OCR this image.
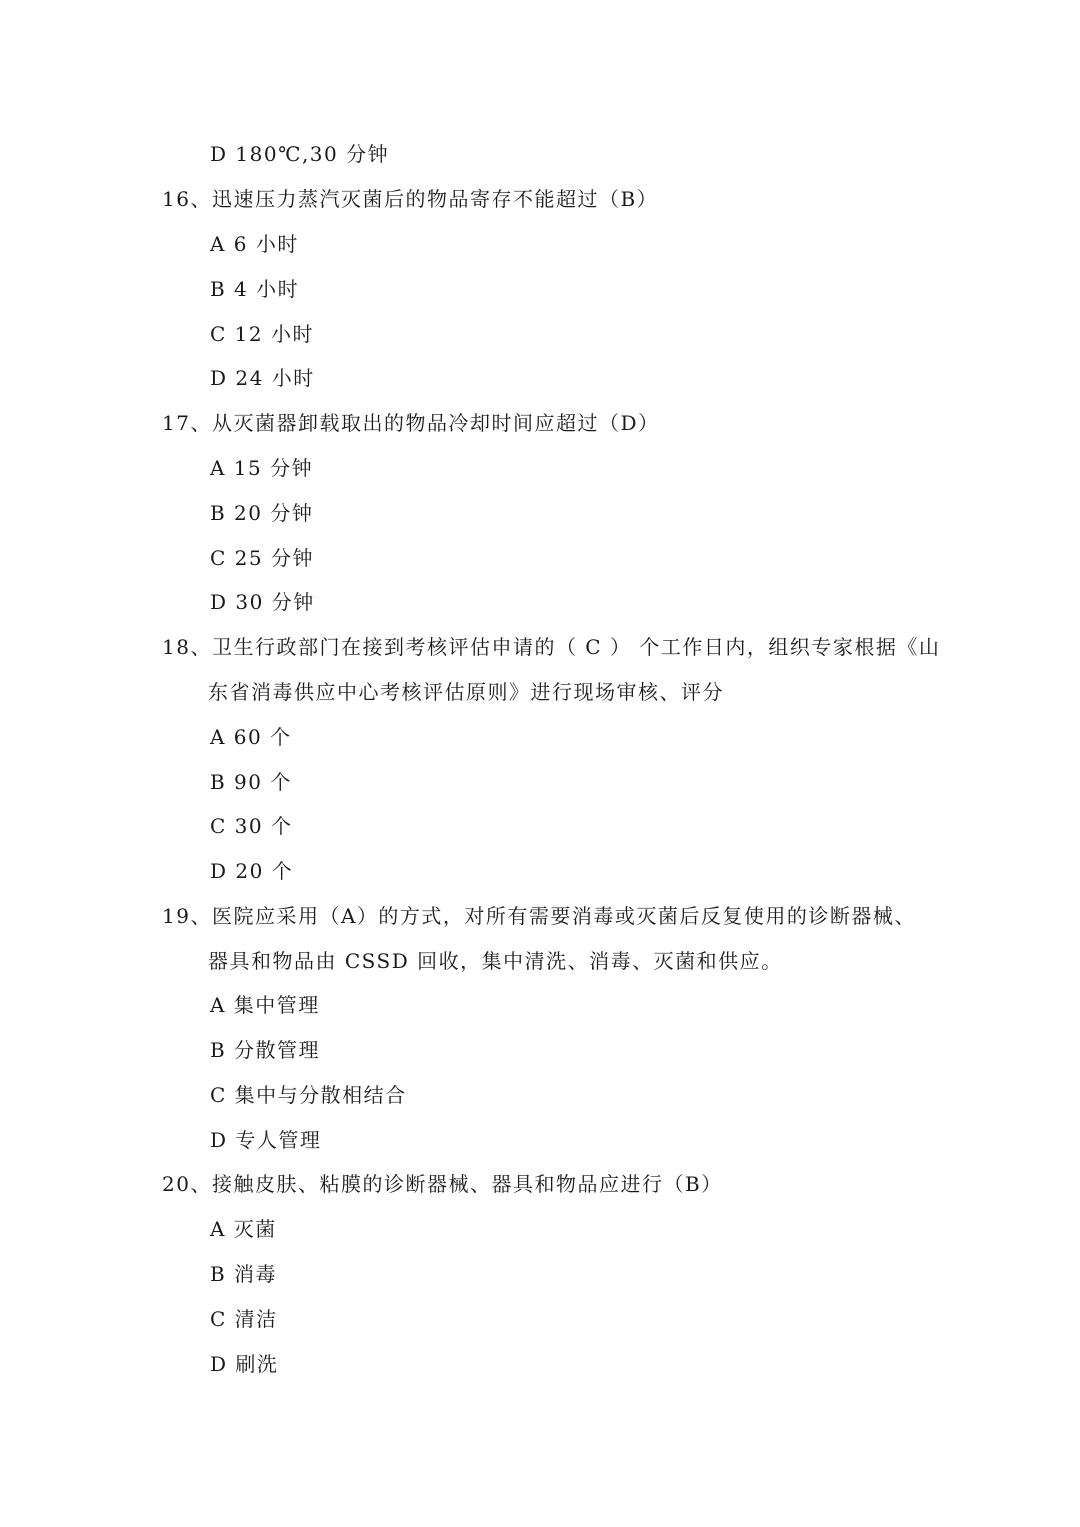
D 180℃,30 分钟
16、迅速压力蒸汽灭菌后的物品寄存不能超过（B）
A 6 小时
B 4 小时
C 12 小时
D 24 小时
17、从灭菌器卸载取出的物品冷却时间应超过（D）
A 15 分钟
B 20 分钟
C 25 分钟
D 30 分钟
18、卫生行政部门在接到考核评估申请的（ C ） 个工作日内，组织专家根据《山
东省消毒供应中心考核评估原则》进行现场审核、评分
A 60 个
B 90 个
C 30 个
D 20 个
19、医院应采用（A）的方式，对所有需要消毒或灭菌后反复使用的诊断器械、
器具和物品由 CSSD 回收，集中清洗、消毒、灭菌和供应。
A 集中管理
B 分散管理
C 集中与分散相结合
D 专人管理
20、接触皮肤、粘膜的诊断器械、器具和物品应进行（B）
A 灭菌
B 消毒
C 清洁
D 刷洗
